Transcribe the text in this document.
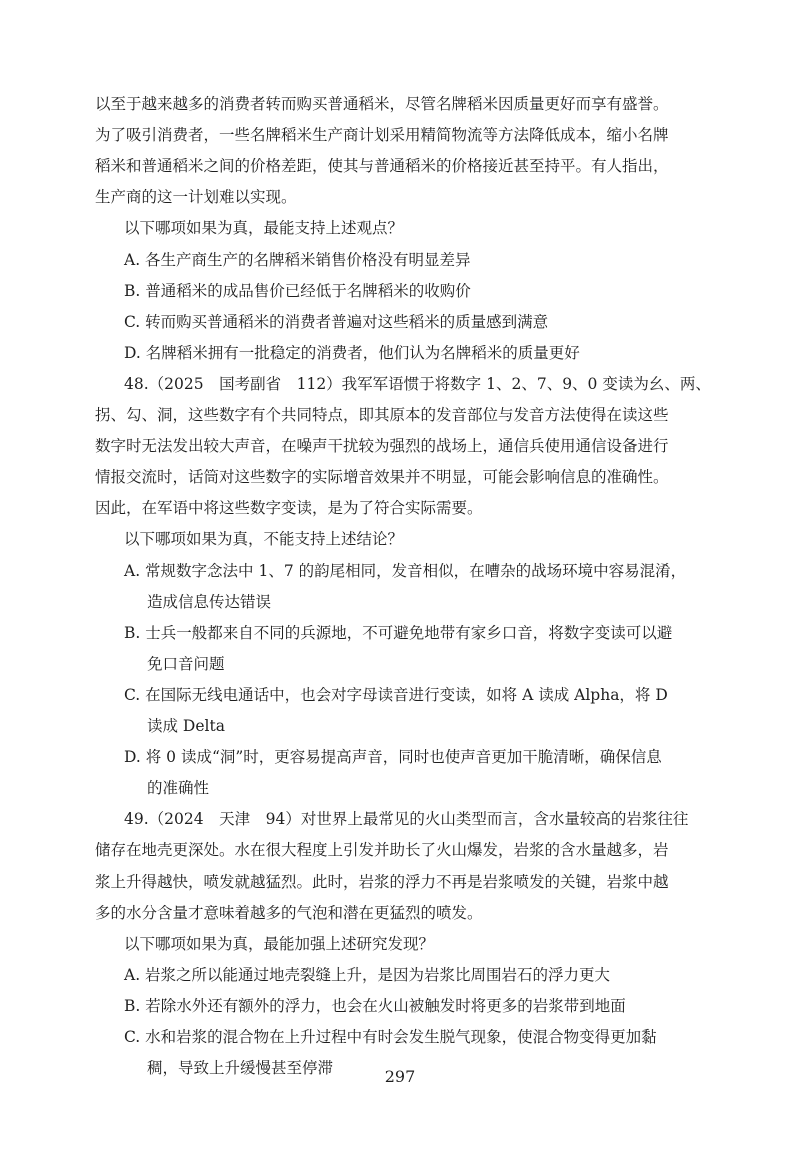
以至于越来越多的消费者转而购买普通稻米，尽管名牌稻米因质量更好而享有盛誉。
为了吸引消费者，一些名牌稻米生产商计划采用精简物流等方法降低成本，缩小名牌
稻米和普通稻米之间的价格差距，使其与普通稻米的价格接近甚至持平。有人指出，
生产商的这一计划难以实现。
以下哪项如果为真，最能支持上述观点？
A. 各生产商生产的名牌稻米销售价格没有明显差异
B. 普通稻米的成品售价已经低于名牌稻米的收购价
C. 转而购买普通稻米的消费者普遍对这些稻米的质量感到满意
D. 名牌稻米拥有一批稳定的消费者，他们认为名牌稻米的质量更好
48.（2025　国考副省　112）我军军语惯于将数字 1、2、7、9、0 变读为幺、两、
拐、勾、洞，这些数字有个共同特点，即其原本的发音部位与发音方法使得在读这些
数字时无法发出较大声音，在噪声干扰较为强烈的战场上，通信兵使用通信设备进行
情报交流时，话筒对这些数字的实际增音效果并不明显，可能会影响信息的准确性。
因此，在军语中将这些数字变读，是为了符合实际需要。
以下哪项如果为真，不能支持上述结论？
A. 常规数字念法中 1、7 的韵尾相同，发音相似，在嘈杂的战场环境中容易混淆，
造成信息传达错误
B. 士兵一般都来自不同的兵源地，不可避免地带有家乡口音，将数字变读可以避
免口音问题
C. 在国际无线电通话中，也会对字母读音进行变读，如将 A 读成 Alpha，将 D
读成 Delta
D. 将 0 读成“洞”时，更容易提高声音，同时也使声音更加干脆清晰，确保信息
的准确性
49.（2024　天津　94）对世界上最常见的火山类型而言，含水量较高的岩浆往往
储存在地壳更深处。水在很大程度上引发并助长了火山爆发，岩浆的含水量越多，岩
浆上升得越快，喷发就越猛烈。此时，岩浆的浮力不再是岩浆喷发的关键，岩浆中越
多的水分含量才意味着越多的气泡和潜在更猛烈的喷发。
以下哪项如果为真，最能加强上述研究发现？
A. 岩浆之所以能通过地壳裂缝上升，是因为岩浆比周围岩石的浮力更大
B. 若除水外还有额外的浮力，也会在火山被触发时将更多的岩浆带到地面
C. 水和岩浆的混合物在上升过程中有时会发生脱气现象，使混合物变得更加黏
稠，导致上升缓慢甚至停滞	297
